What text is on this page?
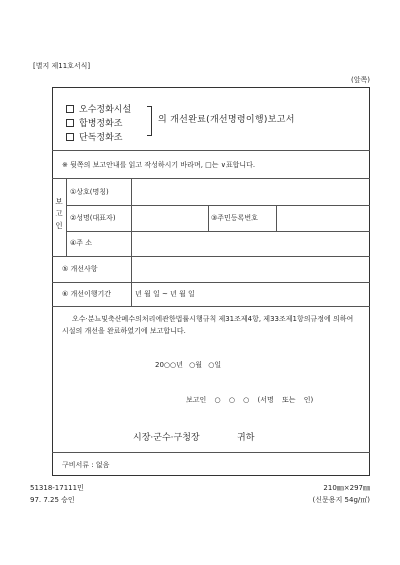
[별지 제11호서식]
(앞쪽)
오수정화시설
합병정화조
단독정화조
의 개선완료(개선명령이행)보고서
※ 뒷쪽의 보고안내를 읽고 작성하시기 바라며, □는 ∨표합니다.
보
고
인
①상호(명칭)
②성명(대표자)	③주민등록번호
④주 소
⑤ 개선사항
⑥ 개선이행기간	년 월 일 ~ 년 월 일
오수·분뇨및축산폐수의처리에관한법률시행규칙 제31조제4항, 제33조제1항의규정에 의하여 시설의 개선을 완료하였기에 보고합니다.
20○○년 ○월 ○일
보고인 ○ ○ ○ (서명 또는 인)
시장·군수·구청장	귀하
구비서류 : 없음
51318-17111민	210㎜×297㎜
97. 7.25 승인	(신문용지 54g/㎡)
